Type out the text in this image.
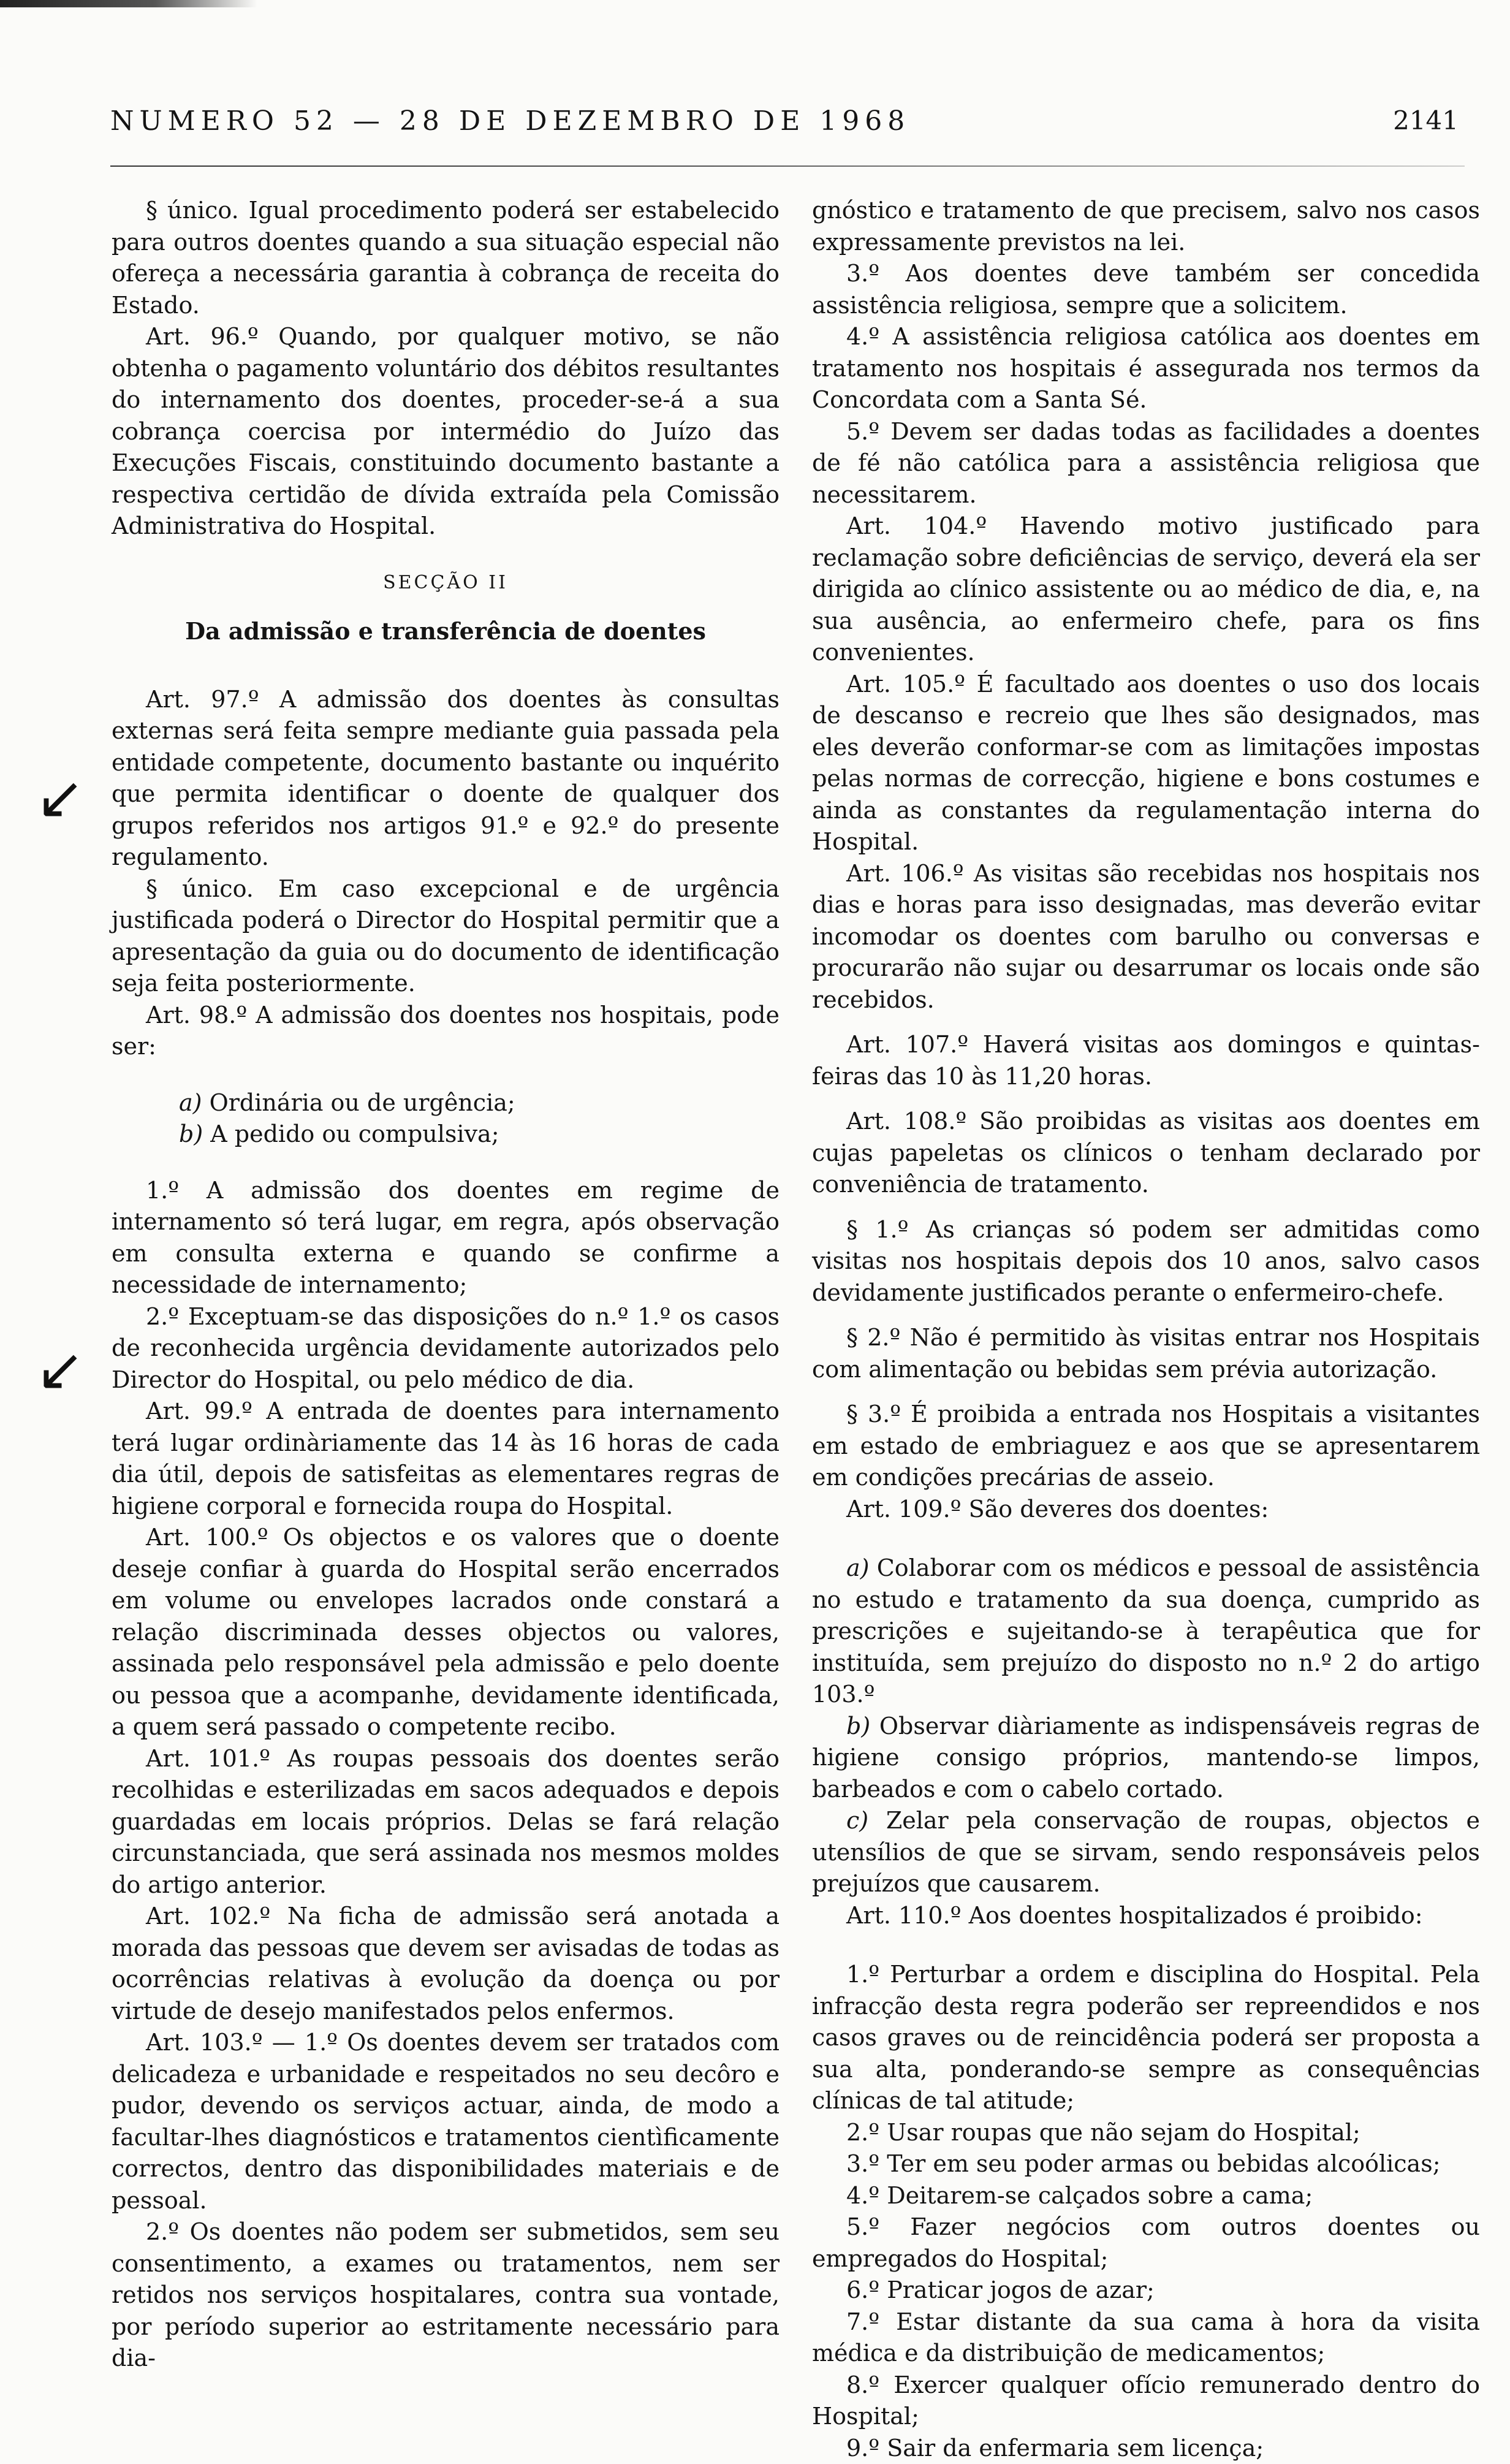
NUMERO 52 — 28 DE DEZEMBRO DE 1968	2141

§ único. Igual procedimento poderá ser estabelecido para outros doentes quando a sua situação especial não ofereça a necessária garantia à cobrança de receita do Estado.

Art. 96.º Quando, por qualquer motivo, se não obtenha o pagamento voluntário dos débitos resultantes do internamento dos doentes, proceder-se-á a sua cobrança coercisa por intermédio do Juízo das Execuções Fiscais, constituindo documento bastante a respectiva certidão de dívida extraída pela Comissão Administrativa do Hospital.

SECÇÃO II
Da admissão e transferência de doentes

Art. 97.º A admissão dos doentes às consultas externas será feita sempre mediante guia passada pela entidade competente, documento bastante ou inquérito que permita identificar o doente de qualquer dos grupos referidos nos artigos 91.º e 92.º do presente regulamento.

§ único. Em caso excepcional e de urgência justificada poderá o Director do Hospital permitir que a apresentação da guia ou do documento de identificação seja feita posteriormente.

Art. 98.º A admissão dos doentes nos hospitais, pode ser:

a) Ordinária ou de urgência;

b) A pedido ou compulsiva;

1.º A admissão dos doentes em regime de internamento só terá lugar, em regra, após observação em consulta externa e quando se confirme a necessidade de internamento;

2.º Exceptuam-se das disposições do n.º 1.º os casos de reconhecida urgência devidamente autorizados pelo Director do Hospital, ou pelo médico de dia.

Art. 99.º A entrada de doentes para internamento terá lugar ordinàriamente das 14 às 16 horas de cada dia útil, depois de satisfeitas as elementares regras de higiene corporal e fornecida roupa do Hospital.

Art. 100.º Os objectos e os valores que o doente deseje confiar à guarda do Hospital serão encerrados em volume ou envelopes lacrados onde constará a relação discriminada desses objectos ou valores, assinada pelo responsável pela admissão e pelo doente ou pessoa que a acompanhe, devidamente identificada, a quem será passado o competente recibo.

Art. 101.º As roupas pessoais dos doentes serão recolhidas e esterilizadas em sacos adequados e depois guardadas em locais próprios. Delas se fará relação circunstanciada, que será assinada nos mesmos moldes do artigo anterior.

Art. 102.º Na ficha de admissão será anotada a morada das pessoas que devem ser avisadas de todas as ocorrências relativas à evolução da doença ou por virtude de desejo manifestados pelos enfermos.

Art. 103.º — 1.º Os doentes devem ser tratados com delicadeza e urbanidade e respeitados no seu decôro e pudor, devendo os serviços actuar, ainda, de modo a facultar-lhes diagnósticos e tratamentos cientìficamente correctos, dentro das disponibilidades materiais e de pessoal.

2.º Os doentes não podem ser submetidos, sem seu consentimento, a exames ou tratamentos, nem ser retidos nos serviços hospitalares, contra sua vontade, por período superior ao estritamente necessário para dia-

gnóstico e tratamento de que precisem, salvo nos casos expressamente previstos na lei.

3.º Aos doentes deve também ser concedida assistência religiosa, sempre que a solicitem.

4.º A assistência religiosa católica aos doentes em tratamento nos hospitais é assegurada nos termos da Concordata com a Santa Sé.

5.º Devem ser dadas todas as facilidades a doentes de fé não católica para a assistência religiosa que necessitarem.

Art. 104.º Havendo motivo justificado para reclamação sobre deficiências de serviço, deverá ela ser dirigida ao clínico assistente ou ao médico de dia, e, na sua ausência, ao enfermeiro chefe, para os fins convenientes.

Art. 105.º É facultado aos doentes o uso dos locais de descanso e recreio que lhes são designados, mas eles deverão conformar-se com as limitações impostas pelas normas de correcção, higiene e bons costumes e ainda as constantes da regulamentação interna do Hospital.

Art. 106.º As visitas são recebidas nos hospitais nos dias e horas para isso designadas, mas deverão evitar incomodar os doentes com barulho ou conversas e procurarão não sujar ou desarrumar os locais onde são recebidos.

Art. 107.º Haverá visitas aos domingos e quintas-feiras das 10 às 11,20 horas.

Art. 108.º São proibidas as visitas aos doentes em cujas papeletas os clínicos o tenham declarado por conveniência de tratamento.

§ 1.º As crianças só podem ser admitidas como visitas nos hospitais depois dos 10 anos, salvo casos devidamente justificados perante o enfermeiro-chefe.

§ 2.º Não é permitido às visitas entrar nos Hospitais com alimentação ou bebidas sem prévia autorização.

§ 3.º É proibida a entrada nos Hospitais a visitantes em estado de embriaguez e aos que se apresentarem em condições precárias de asseio.

Art. 109.º São deveres dos doentes:

a) Colaborar com os médicos e pessoal de assistência no estudo e tratamento da sua doença, cumprido as prescrições e sujeitando-se à terapêutica que for instituída, sem prejuízo do disposto no n.º 2 do artigo 103.º

b) Observar diàriamente as indispensáveis regras de higiene consigo próprios, mantendo-se limpos, barbeados e com o cabelo cortado.

c) Zelar pela conservação de roupas, objectos e utensílios de que se sirvam, sendo responsáveis pelos prejuízos que causarem.

Art. 110.º Aos doentes hospitalizados é proibido:

1.º Perturbar a ordem e disciplina do Hospital. Pela infracção desta regra poderão ser repreendidos e nos casos graves ou de reincidência poderá ser proposta a sua alta, ponderando-se sempre as consequências clínicas de tal atitude;

2.º Usar roupas que não sejam do Hospital;

3.º Ter em seu poder armas ou bebidas alcoólicas;

4.º Deitarem-se calçados sobre a cama;

5.º Fazer negócios com outros doentes ou empregados do Hospital;

6.º Praticar jogos de azar;

7.º Estar distante da sua cama à hora da visita médica e da distribuição de medicamentos;

8.º Exercer qualquer ofício remunerado dentro do Hospital;

9.º Sair da enfermaria sem licença;

↙
↙
